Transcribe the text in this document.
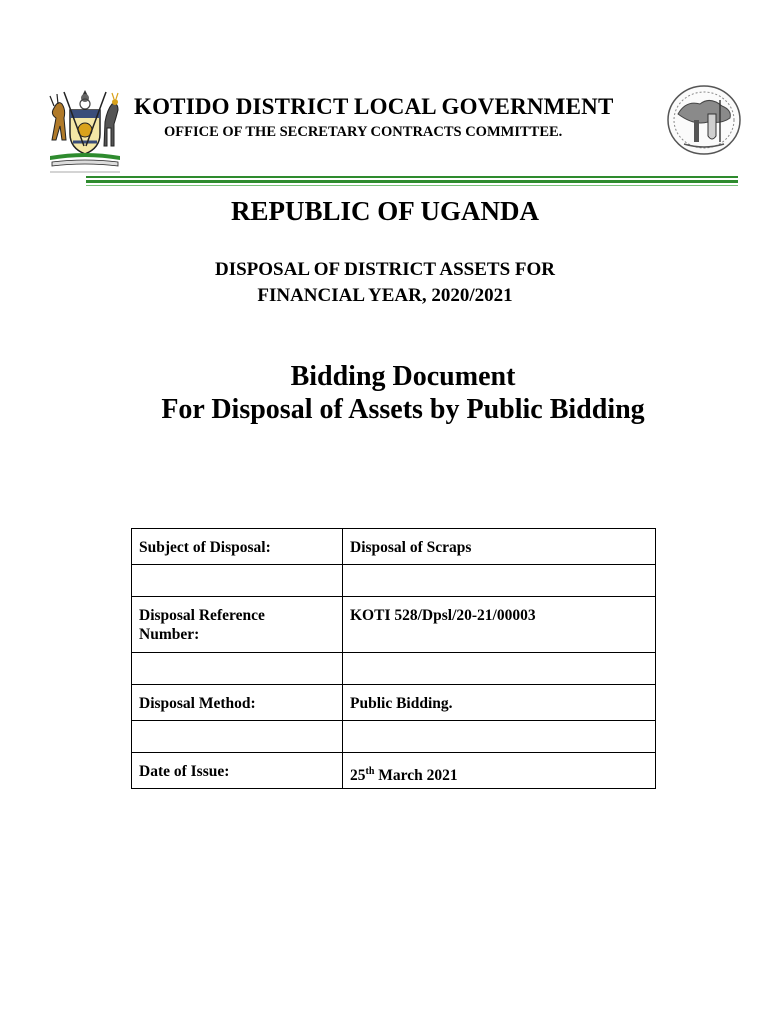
KOTIDO DISTRICT LOCAL GOVERNMENT
OFFICE OF THE SECRETARY CONTRACTS COMMITTEE.
REPUBLIC OF UGANDA
DISPOSAL OF DISTRICT ASSETS FOR
FINANCIAL YEAR, 2020/2021
Bidding Document
For Disposal of Assets by Public Bidding
Subject of Disposal:	Disposal of Scraps

Disposal Reference
Number:	KOTI 528/Dpsl/20-21/00003

Disposal Method:	Public Bidding.

Date of Issue:	25th March 2021
